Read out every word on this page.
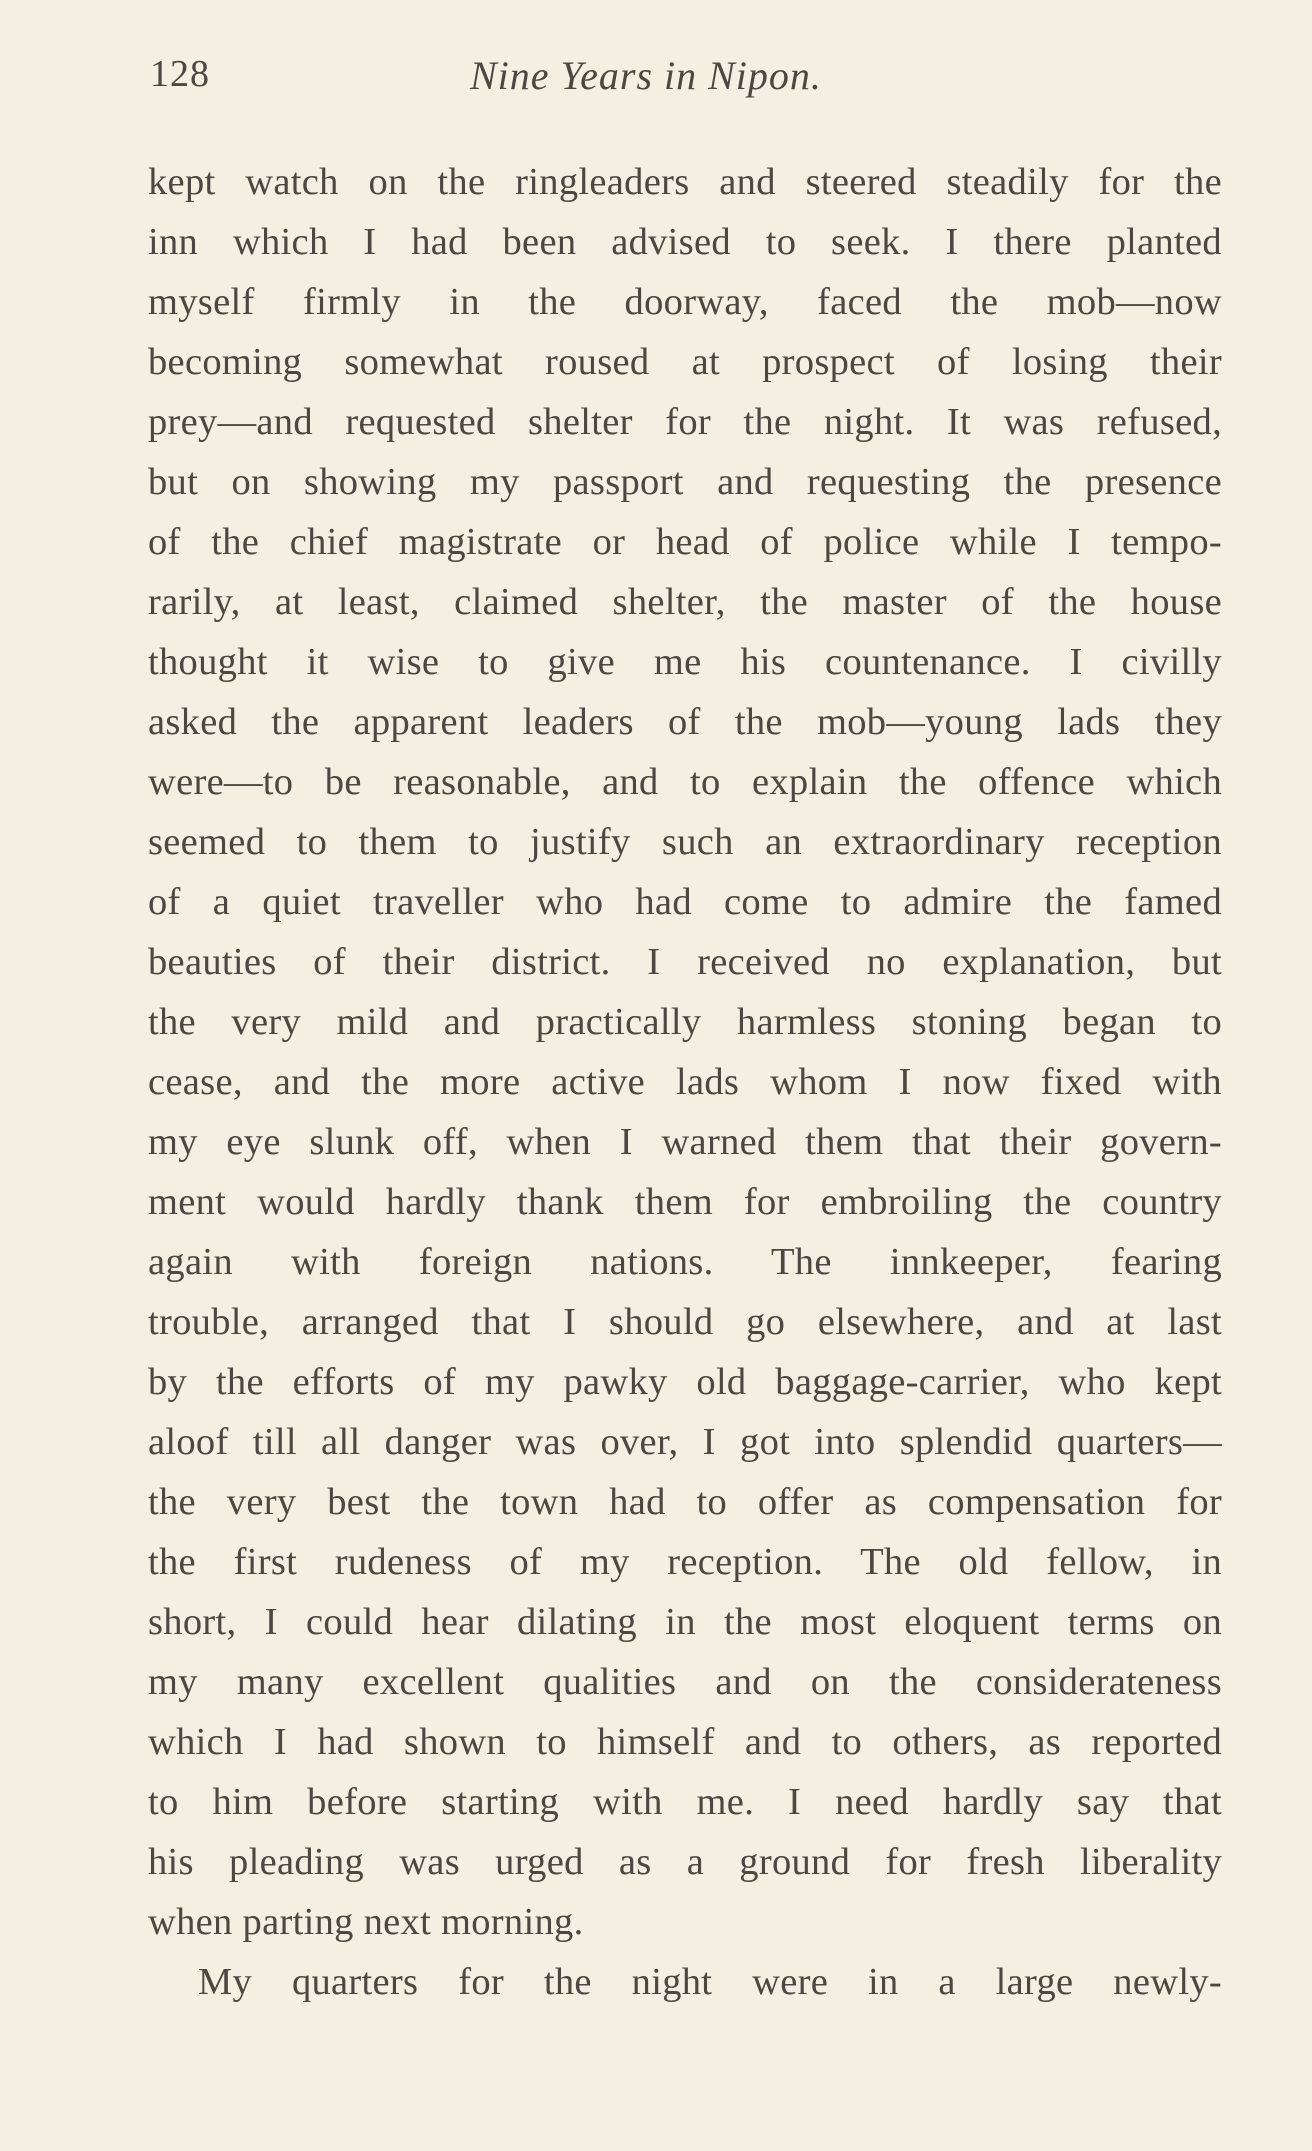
128	Nine Years in Nipon.
kept watch on the ringleaders and steered steadily for the
inn which I had been advised to seek. I there planted
myself firmly in the doorway, faced the mob—now
becoming somewhat roused at prospect of losing their
prey—and requested shelter for the night. It was refused,
but on showing my passport and requesting the presence
of the chief magistrate or head of police while I tempo-
rarily, at least, claimed shelter, the master of the house
thought it wise to give me his countenance. I civilly
asked the apparent leaders of the mob—young lads they
were—to be reasonable, and to explain the offence which
seemed to them to justify such an extraordinary reception
of a quiet traveller who had come to admire the famed
beauties of their district. I received no explanation, but
the very mild and practically harmless stoning began to
cease, and the more active lads whom I now fixed with
my eye slunk off, when I warned them that their govern-
ment would hardly thank them for embroiling the country
again with foreign nations. The innkeeper, fearing
trouble, arranged that I should go elsewhere, and at last
by the efforts of my pawky old baggage-carrier, who kept
aloof till all danger was over, I got into splendid quarters—
the very best the town had to offer as compensation for
the first rudeness of my reception. The old fellow, in
short, I could hear dilating in the most eloquent terms on
my many excellent qualities and on the considerateness
which I had shown to himself and to others, as reported
to him before starting with me. I need hardly say that
his pleading was urged as a ground for fresh liberality
when parting next morning.
My quarters for the night were in a large newly-
